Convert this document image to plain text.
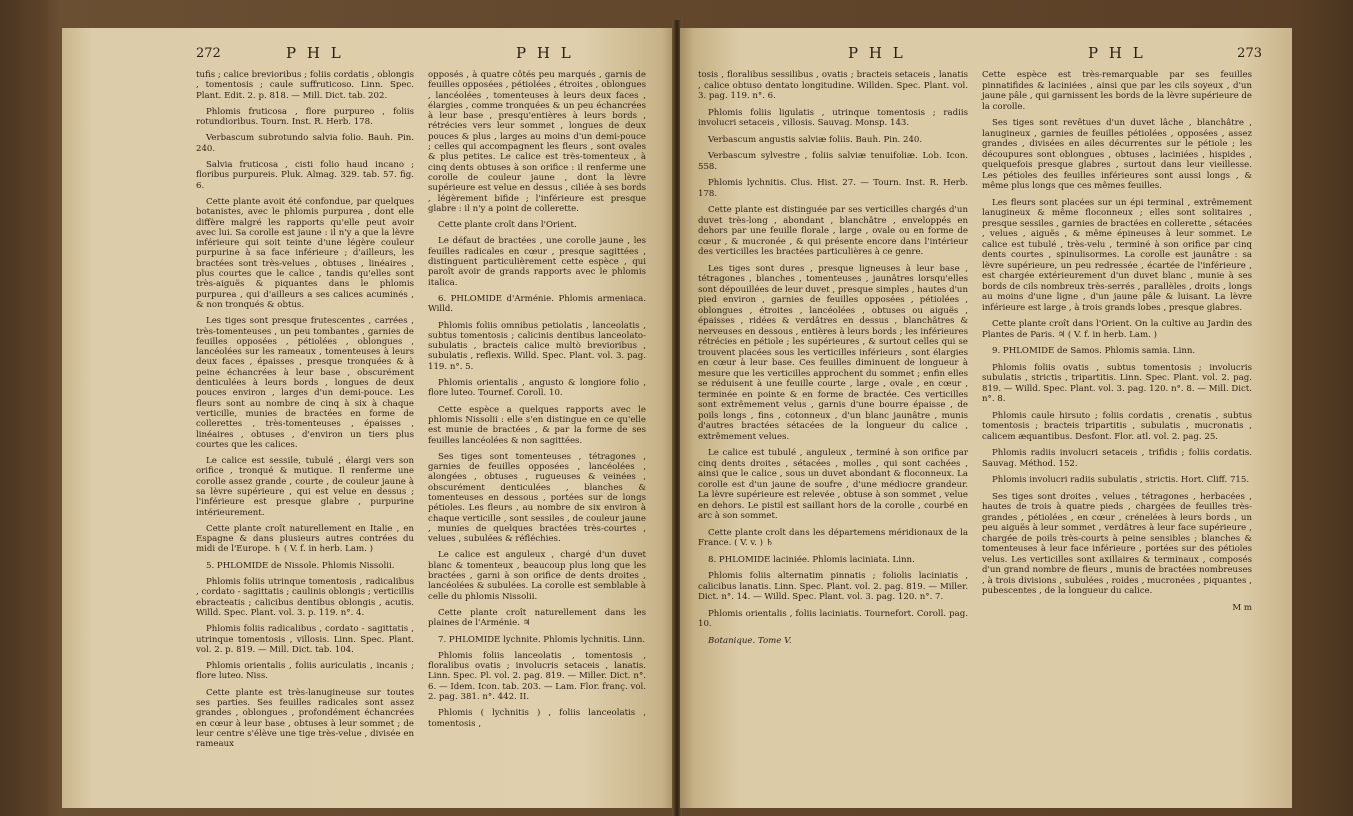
272	P H L	P H L

tufis ; calice brevioribus ; foliis cordatis , oblongis , tomentosis ; caule suffruticoso. Linn. Spec. Plant. Edit. 2. p. 818. — Mill. Dict. tab. 202.

Phlomis fruticosa , flore purpureo , foliis rotundioribus. Tourn. Inst. R. Herb. 178.

Verbascum subrotundo salvia folio. Bauh. Pin. 240.

Salvia fruticosa , cisti folio haud incano ; floribus purpureis. Pluk. Almag. 329. tab. 57. fig. 6.

Cette plante avoit été confondue, par quelques botanistes, avec le phlomis purpurea , dont elle diffère malgré les rapports qu'elle peut avoir avec lui. Sa corolle est jaune : il n'y a que la lèvre inférieure qui soit teinte d'une légère couleur purpurine à sa face inférieure ; d'ailleurs, les bractées sont très-velues , obtuses , linéaires , plus courtes que le calice , tandis qu'elles sont très-aiguës & piquantes dans le phlomis purpurea , qui d'ailleurs a ses calices acuminés , & non tronqués & obtus.

Les tiges sont presque frutescentes , carrées , très-tomenteuses , un peu tombantes , garnies de feuilles opposées , pétiolées , oblongues , lancéolées sur les rameaux , tomenteuses à leurs deux faces , épaisses , presque tronquées & à peine échancrées à leur base , obscurément denticulées à leurs bords , longues de deux pouces environ , larges d'un demi-pouce. Les fleurs sont au nombre de cinq à six à chaque verticille, munies de bractées en forme de collerettes , très-tomenteuses , épaisses , linéaires , obtuses , d'environ un tiers plus courtes que les calices.

Le calice est sessile, tubulé , élargi vers son orifice , tronqué & mutique. Il renferme une corolle assez grande , courte , de couleur jaune à sa lèvre supérieure , qui est velue en dessus ; l'inférieure est presque glabre , purpurine intérieurement.

Cette plante croît naturellement en Italie , en Espagne & dans plusieurs autres contrées du midi de l'Europe. ♄ ( V. f. in herb. Lam. )

5. PHLOMIDE de Nissole. Phlomis Nissolii.

Phlomis foliis utrinque tomentosis , radicalibus , cordato - sagittatis ; caulinis oblongis ; verticillis ebracteatis ; calicibus dentibus oblongis , acutis. Willd. Spec. Plant. vol. 3. p. 119. n°. 4.

Phlomis foliis radicalibus , cordato - sagittatis , utrinque tomentosis , villosis. Linn. Spec. Plant. vol. 2. p. 819. — Mill. Dict. tab. 104.

Phlomis orientalis , foliis auriculatis , incanis ; flore luteo. Niss.

Cette plante est très-lanugineuse sur toutes ses parties. Ses feuilles radicales sont assez grandes , oblongues , profondément échancrées en cœur à leur base , obtuses à leur sommet ; de leur centre s'élève une tige très-velue , divisée en rameaux

opposés , à quatre côtés peu marqués , garnis de feuilles opposées , pétiolées , étroites , oblongues , lancéolées , tomenteuses à leurs deux faces , élargies , comme tronquées & un peu échancrées à leur base , presqu'entières à leurs bords , rétrécies vers leur sommet , longues de deux pouces & plus , larges au moins d'un demi-pouce ; celles qui accompagnent les fleurs , sont ovales & plus petites. Le calice est très-tomenteux , à cinq dents obtuses à son orifice : il renferme une corolle de couleur jaune , dont la lèvre supérieure est velue en dessus , ciliée à ses bords , légèrement bifide ; l'inférieure est presque glabre : il n'y a point de collerette.

Cette plante croît dans l'Orient.

Le défaut de bractées , une corolle jaune , les feuilles radicales en cœur , presque sagittées , distinguent particulièrement cette espèce , qui paroît avoir de grands rapports avec le phlomis italica.

6. PHLOMIDE d'Arménie. Phlomis armeniaca. Willd.

Phlomis foliis omnibus petiolatis , lanceolatis , subtus tomentosis ; calicinis dentibus lanceolato-subulatis , bracteis calice multò brevioribus , subulatis , reflexis. Willd. Spec. Plant. vol. 3. pag. 119. n°. 5.

Phlomis orientalis , angusto & longiore folio , flore luteo. Tournef. Coroll. 10.

Cette espèce a quelques rapports avec le phlomis Nissolii : elle s'en distingue en ce qu'elle est munie de bractées , & par la forme de ses feuilles lancéolées & non sagittées.

Ses tiges sont tomenteuses , tétragones , garnies de feuilles opposées , lancéolées , alongées , obtuses , rugueuses & veinées , obscurément denticulées , blanches & tomenteuses en dessous , portées sur de longs pétioles. Les fleurs , au nombre de six environ à chaque verticille , sont sessiles , de couleur jaune , munies de quelques bractées très-courtes , velues , subulées & réfléchies.

Le calice est anguleux , chargé d'un duvet blanc & tomenteux , beaucoup plus long que les bractées , garni à son orifice de dents droites , lancéolées & subulées. La corolle est semblable à celle du phlomis Nissolii.

Cette plante croît naturellement dans les plaines de l'Arménie. ♃

7. PHLOMIDE lychnite. Phlomis lychnitis. Linn.

Phlomis foliis lanceolatis , tomentosis , floralibus ovatis ; involucris setaceis , lanatis. Linn. Spec. Pl. vol. 2. pag. 819. — Miller. Dict. n°. 6. — Idem. Icon. tab. 203. — Lam. Flor. franç. vol. 2. pag. 381. n°. 442. II.

Phlomis ( lychnitis ) , foliis lanceolatis , tomentosis ,

P H L	P H L	273

tosis , floralibus sessilibus , ovatis ; bracteis setaceis , lanatis , calice obtuso dentato longitudine. Willden. Spec. Plant. vol. 3. pag. 119. n°. 6.

Phlomis foliis ligulatis , utrinque tomentosis ; radiis involucri setaceis , villosis. Sauvag. Monsp. 143.

Verbascum angustis salviæ foliis. Bauh. Pin. 240.

Verbascum sylvestre , foliis salviæ tenuifoliæ. Lob. Icon. 558.

Phlomis lychnitis. Clus. Hist. 27. — Tourn. Inst. R. Herb. 178.

Cette plante est distinguée par ses verticilles chargés d'un duvet très-long , abondant , blanchâtre , enveloppés en dehors par une feuille florale , large , ovale ou en forme de cœur , & mucronée , & qui présente encore dans l'intérieur des verticilles les bractées particulières à ce genre.

Les tiges sont dures , presque ligneuses à leur base , tétragones , blanches , tomenteuses , jaunâtres lorsqu'elles sont dépouillées de leur duvet , presque simples , hautes d'un pied environ , garnies de feuilles opposées , pétiolées , oblongues , étroites , lancéolées , obtuses ou aiguës , épaisses , ridées & verdâtres en dessus , blanchâtres & nerveuses en dessous , entières à leurs bords ; les inférieures rétrécies en pétiole ; les supérieures , & surtout celles qui se trouvent placées sous les verticilles inférieurs , sont élargies en cœur à leur base. Ces feuilles diminuent de longueur à mesure que les verticilles approchent du sommet ; enfin elles se réduisent à une feuille courte , large , ovale , en cœur , terminée en pointe & en forme de bractée. Ces verticilles sont extrêmement velus , garnis d'une bourre épaisse , de poils longs , fins , cotonneux , d'un blanc jaunâtre , munis d'autres bractées sétacées de la longueur du calice , extrêmement velues.

Le calice est tubulé , anguleux , terminé à son orifice par cinq dents droites , sétacées , molles , qui sont cachées , ainsi que le calice , sous un duvet abondant & floconneux. La corolle est d'un jaune de soufre , d'une médiocre grandeur. La lèvre supérieure est relevée , obtuse à son sommet , velue en dehors. Le pistil est saillant hors de la corolle , courbé en arc à son sommet.

Cette plante croît dans les départemens méridionaux de la France. ( V. v. ) ♄

8. PHLOMIDE laciniée. Phlomis laciniata. Linn.

Phlomis foliis alternatim pinnatis ; foliolis laciniatis , calicibus lanatis. Linn. Spec. Plant. vol. 2. pag. 819. — Miller. Dict. n°. 14. — Willd. Spec. Plant. vol. 3. pag. 120. n°. 7.

Phlomis orientalis , foliis laciniatis. Tournefort. Coroll. pag. 10.

Botanique. Tome V.

Cette espèce est très-remarquable par ses feuilles pinnatifides & laciniées , ainsi que par les cils soyeux , d'un jaune pâle , qui garnissent les bords de la lèvre supérieure de la corolle.

Ses tiges sont revêtues d'un duvet lâche , blanchâtre , lanugineux , garnies de feuilles pétiolées , opposées , assez grandes , divisées en ailes décurrentes sur le pétiole ; les découpures sont oblongues , obtuses , laciniées , hispides , quelquefois presque glabres , surtout dans leur vieillesse. Les pétioles des feuilles inférieures sont aussi longs , & même plus longs que ces mêmes feuilles.

Les fleurs sont placées sur un épi terminal , extrêmement lanugineux & même floconneux ; elles sont solitaires , presque sessiles , garnies de bractées en collerette , sétacées , velues , aiguës , & même épineuses à leur sommet. Le calice est tubulé , très-velu , terminé à son orifice par cinq dents courtes , spinulisormes. La corolle est jaunâtre : sa lèvre supérieure, un peu redressée , écartée de l'inférieure , est chargée extérieurement d'un duvet blanc , munie à ses bords de cils nombreux très-serrés , parallèles , droits , longs au moins d'une ligne , d'un jaune pâle & luisant. La lèvre inférieure est large , à trois grands lobes , presque glabres.

Cette plante croît dans l'Orient. On la cultive au Jardin des Plantes de Paris. ♃ ( V. f. in herb. Lam. )

9. PHLOMIDE de Samos. Phlomis samia. Linn.

Phlomis foliis ovatis , subtus tomentosis ; involucris subulatis , strictis , tripartitis. Linn. Spec. Plant. vol. 2. pag. 819. — Willd. Spec. Plant. vol. 3. pag. 120. n°. 8. — Mill. Dict. n°. 8.

Phlomis caule hirsuto ; foliis cordatis , crenatis , subtus tomentosis ; bracteis tripartitis , subulatis , mucronatis , calicem æquantibus. Desfont. Flor. atl. vol. 2. pag. 25.

Phlomis radiis involucri setaceis , trifidis ; foliis cordatis. Sauvag. Méthod. 152.

Phlomis involucri radiis subulatis , strictis. Hort. Cliff. 715.

Ses tiges sont droites , velues , tétragones , herbacées , hautes de trois à quatre pieds , chargées de feuilles très-grandes , pétiolées , en cœur , crénelées à leurs bords , un peu aiguës à leur sommet , verdâtres à leur face supérieure , chargée de poils très-courts à peine sensibles ; blanches & tomenteuses à leur face inférieure , portées sur des pétioles velus. Les verticilles sont axillaires & terminaux , composés d'un grand nombre de fleurs , munis de bractées nombreuses , à trois divisions , subulées , roides , mucronées , piquantes , pubescentes , de la longueur du calice.

M m
